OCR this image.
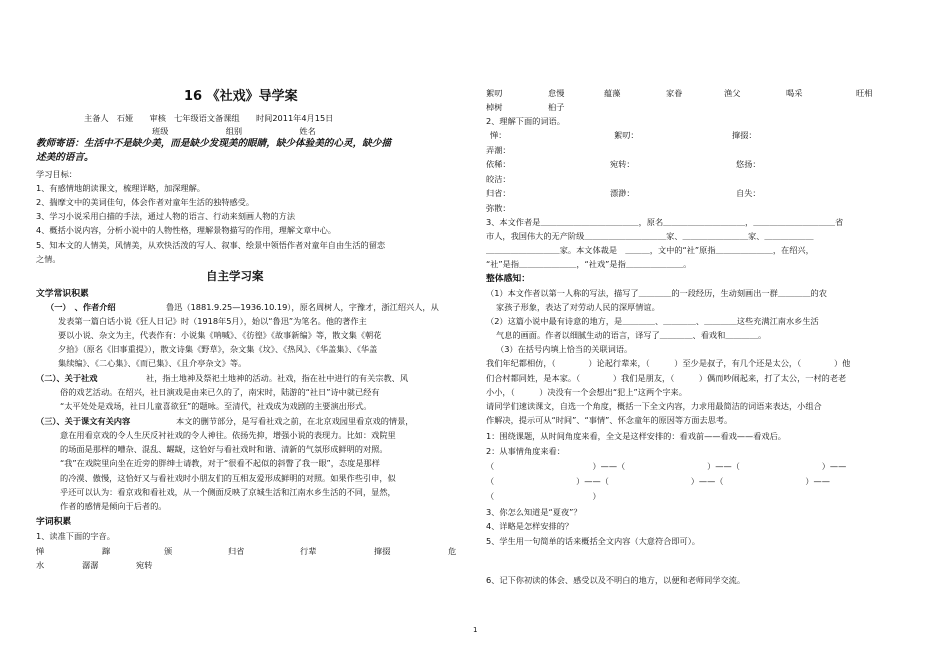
16 《社戏》导学案
主备人　石娅　　审核　七年级语文备课组　　时间2011年4月15日
班级　　　　　　　组别　　　　　　　姓名
教师寄语：生活中不是缺少美，而是缺少发现美的眼睛，缺少体验美的心灵，缺少描
述美的语言。
学习目标：
1、有感情地朗读课文，梳理详略，加深理解。
2、揣摩文中的美词佳句，体会作者对童年生活的独特感受。
3、学习小说采用白描的手法，通过人物的语言、行动来刻画人物的方法
4、概括小说内容，分析小说中的人物性格，理解景物描写的作用，理解文章中心。
5、知本文的人情美，风情美，从欢快活泼的写人、叙事、绘景中领悟作者对童年自由生活的留恋
之情。
自主学习案
文学常识积累
（一）　、作者介绍	鲁迅（1881.9.25—1936.10.19），原名周树人，字豫才，浙江绍兴人，从
发表第一篇白话小说《狂人日记》时（1918年5月），始以“鲁迅”为笔名。他的著作主
要以小说、杂文为主，代表作有：小说集《呐喊》、《彷徨》《故事新编》等，散文集《朝花
夕拾》（原名《旧事重提》），散文诗集《野草》，杂文集《坟》、《热风》、《华盖集》、《华盖
集续编》、《二心集》、《而已集》、《且介亭杂文》等。
（二）、关于社戏	社，指土地神及祭祀土地神的活动。社戏，指在社中进行的有关宗教、风
俗的戏艺活动。在绍兴，社日演戏是由来已久的了，南宋时，陆游的“社日”诗中就已经有
“太平处处是戏场，社日儿童喜欲狂”的题咏。至清代，社戏成为戏剧的主要演出形式。
（三）、关于课文有关内容	本文的删节部分，是写看社戏之前，在北京戏园里看京戏的情景，
意在用看京戏的令人生厌反衬社戏的令人神往。依扬先抑，增强小说的表现力。比如：戏院里
的场面是那样的嘈杂、混乱、龌龊，这恰好与看社戏时和谐、清新的气氛形成鲜明的对照。
“我”在戏院里向坐在近旁的胖绅士请教，对于“很看不起似的斜瞥了我一眼”，态度是那样
的冷漠、傲慢，这恰好又与看社戏时小朋友们的互相友爱形成鲜明的对照。如果作些引申，似
乎还可以认为：看京戏和看社戏，从一个侧面反映了京城生活和江南水乡生活的不同，显然，
作者的感情是倾向于后者的。
字词积累
1、读准下面的字音。
惮	蹿	颁	归省	行辈	撺掇	危
水	潺潺	宛转
絮叨	怠慢	蕴藻	家眷	渔父	喝采	旺相
棹树	桕子
2、理解下面的词语。
惮：	絮叨：	撺掇：
弄潮：
依稀：	宛转：	悠扬：
皎洁：
归省：	漂渺：	自失：
弥散：
3、本文作者是＿＿＿＿＿＿＿＿＿＿＿＿，原名＿＿＿＿＿＿＿＿＿＿，＿＿＿＿＿＿＿＿＿＿省
市人，我国伟大的无产阶级＿＿＿＿＿＿＿＿＿＿家、＿＿＿＿＿＿＿＿家、＿＿＿＿＿＿
＿＿＿＿＿＿＿＿＿家。本文体裁是　＿＿＿，文中的“社”原指＿＿＿＿＿＿＿，在绍兴，
“社”是指＿＿＿＿＿＿＿，“社戏”是指＿＿＿＿＿＿＿。
整体感知：
（1）本文作者以第一人称的写法，描写了＿＿＿＿的一段经历，生动刻画出一群＿＿＿＿的农
家孩子形象，表达了对劳动人民的深厚情谊。
（2）这篇小说中最有诗意的地方，是＿＿＿＿、＿＿＿＿、＿＿＿＿这些充满江南水乡生活
气息的画面。作者以细腻生动的语言，译写了＿＿＿＿、看戏和＿＿＿＿。
（3）在括号内填上恰当的关联词语。
我们年纪都相仿，（　　　　）论起行辈来，（　　　）至少是叔子，有几个还是太公，（　　　　）他
们合村都同姓，是本家。（　　　　）我们是朋友，（　　　）偶而吵闹起来，打了太公，一村的老老
小小，（　　　）决没有一个会想出“犯上”这两个字来。
请同学们速读课文，自选一个角度，概括一下全文内容，力求用最简洁的词语来表达，小组合
作解决，提示可从“时间”、“事情”、怀念童年的原因等方面去思考。
1：围绕课题，从时间角度来看，全文是这样安排的：看戏前——看戏——看戏后。
2：从事情角度来看：
（　　　　　　　　　　　　）——（　　　　　　　　　　）——（　　　　　　　　　　）——
（　　　　　　　　　　）——（　　　　　　　　　　）——（　　　　　　　　　　）——
（　　　　　　　　　　　　）
3、你怎么知道是“夏夜”？
4、详略是怎样安排的？
5、学生用一句简单的话来概括全文内容（大意符合即可）。
6、记下你初读的体会、感受以及不明白的地方，以便和老师同学交流。
1
